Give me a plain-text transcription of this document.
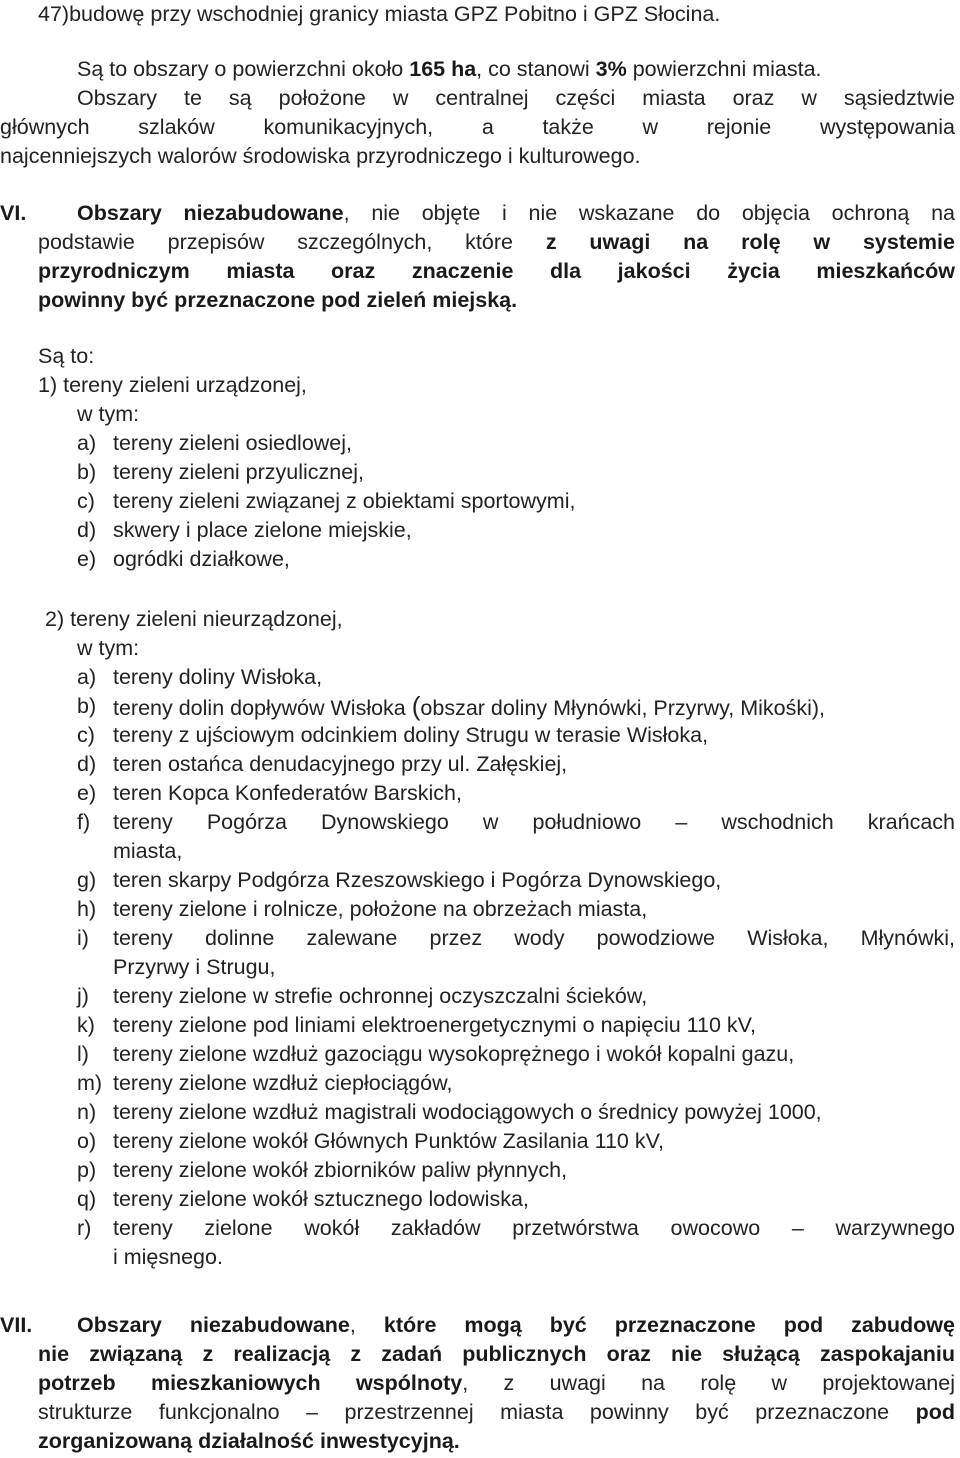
47)budowę przy wschodniej granicy miasta GPZ Pobitno i GPZ Słocina.
Są to obszary o powierzchni około 165 ha, co stanowi 3% powierzchni miasta.
Obszary te są położone w centralnej części miasta oraz w sąsiedztwie
głównych szlaków komunikacyjnych, a także w rejonie występowania
najcenniejszych walorów środowiska przyrodniczego i kulturowego.
VI. Obszary niezabudowane, nie objęte i nie wskazane do objęcia ochroną na
podstawie przepisów szczególnych, które z uwagi na rolę w systemie
przyrodniczym miasta oraz znaczenie dla jakości życia mieszkańców
powinny być przeznaczone pod zieleń miejską.
Są to:
1) tereny zieleni urządzonej,
w tym:
a) tereny zieleni osiedlowej,
b) tereny zieleni przyulicznej,
c) tereny zieleni związanej z obiektami sportowymi,
d) skwery i place zielone miejskie,
e) ogródki działkowe,
2) tereny zieleni nieurządzonej,
w tym:
a) tereny doliny Wisłoka,
b) tereny dolin dopływów Wisłoka (obszar doliny Młynówki, Przyrwy, Mikośki),
c) tereny z ujściowym odcinkiem doliny Strugu w terasie Wisłoka,
d) teren ostańca denudacyjnego przy ul. Załęskiej,
e) teren Kopca Konfederatów Barskich,
f) tereny Pogórza Dynowskiego w południowo – wschodnich krańcach
miasta,
g) teren skarpy Podgórza Rzeszowskiego i Pogórza Dynowskiego,
h) tereny zielone i rolnicze, położone na obrzeżach miasta,
i) tereny dolinne zalewane przez wody powodziowe Wisłoka, Młynówki,
Przyrwy i Strugu,
j) tereny zielone w strefie ochronnej oczyszczalni ścieków,
k) tereny zielone pod liniami elektroenergetycznymi o napięciu 110 kV,
l) tereny zielone wzdłuż gazociągu wysokoprężnego i wokół kopalni gazu,
m) tereny zielone wzdłuż ciepłociągów,
n) tereny zielone wzdłuż magistrali wodociągowych o średnicy powyżej 1000,
o) tereny zielone wokół Głównych Punktów Zasilania 110 kV,
p) tereny zielone wokół zbiorników paliw płynnych,
q) tereny zielone wokół sztucznego lodowiska,
r) tereny zielone wokół zakładów przetwórstwa owocowo – warzywnego
i mięsnego.
VII. Obszary niezabudowane, które mogą być przeznaczone pod zabudowę
nie związaną z realizacją z zadań publicznych oraz nie służącą zaspokajaniu
potrzeb mieszkaniowych wspólnoty, z uwagi na rolę w projektowanej
strukturze funkcjonalno – przestrzennej miasta powinny być przeznaczone pod
zorganizowaną działalność inwestycyjną.
